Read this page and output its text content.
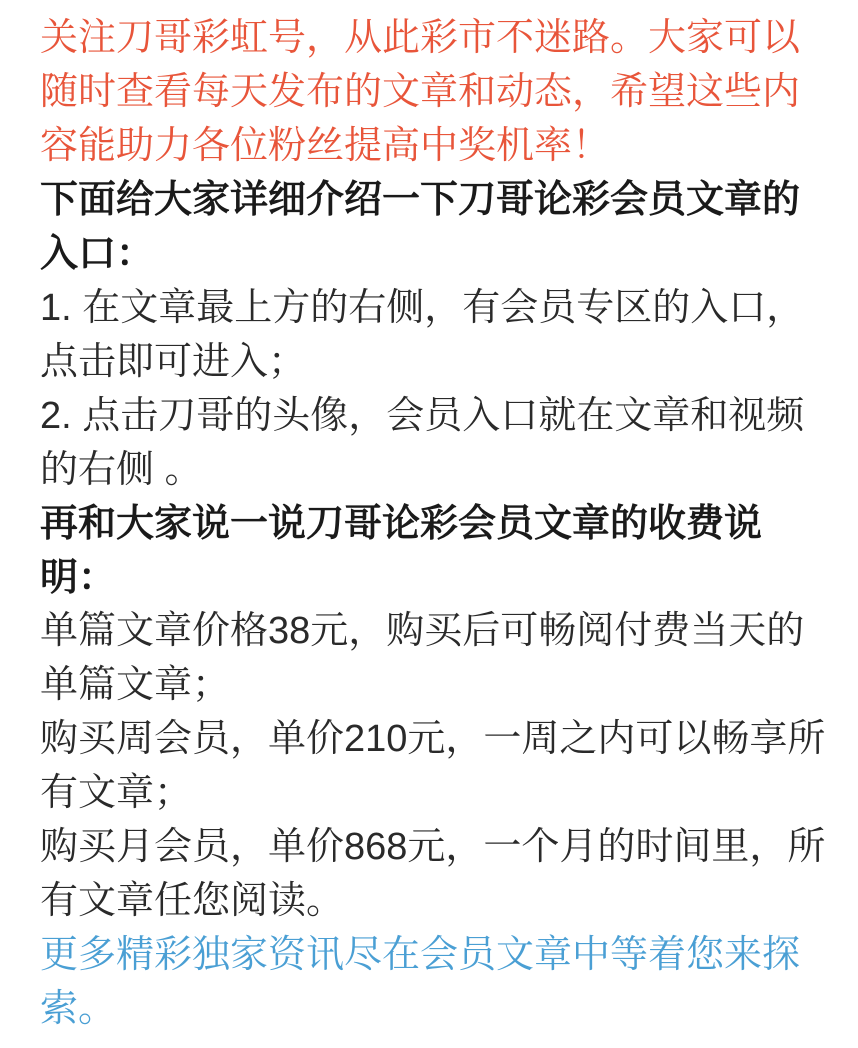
关注刀哥彩虹号，从此彩市不迷路。大家可以随时查看每天发布的文章和动态，希望这些内容能助力各位粉丝提高中奖机率！

下面给大家详细介绍一下刀哥论彩会员文章的入口：

1. 在文章最上方的右侧，有会员专区的入口，点击即可进入；

2. 点击刀哥的头像，会员入口就在文章和视频的右侧 。

再和大家说一说刀哥论彩会员文章的收费说明：

单篇文章价格38元，购买后可畅阅付费当天的单篇文章；

购买周会员，单价210元，一周之内可以畅享所有文章；

购买月会员，单价868元，一个月的时间里，所有文章任您阅读。

更多精彩独家资讯尽在会员文章中等着您来探索。
